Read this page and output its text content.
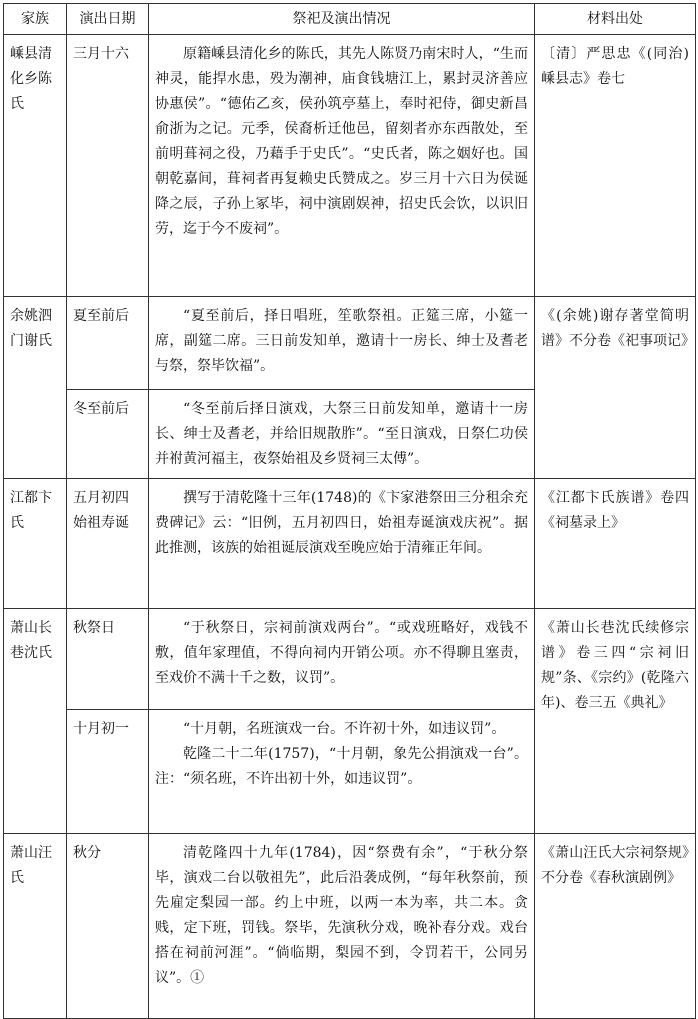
家族	演出日期	祭祀及演出情况	材料出处
嵊县清化乡陈氏	三月十六	原籍嵊县清化乡的陈氏，其先人陈贤乃南宋时人，“生而神灵，能捍水患，殁为潮神，庙食钱塘江上，累封灵济善应协惠侯”。“德佑乙亥，侯孙筑亭墓上，奉时祀侍，御史新昌俞浙为之记。元季，侯裔析迁他邑，留刻者亦东西散处，至前明葺祠之役，乃藉手于史氏”。“史氏者，陈之姻好也。国朝乾嘉间，葺祠者再复赖史氏赞成之。岁三月十六日为侯诞降之辰，子孙上冢毕，祠中演剧娱神，招史氏会饮，以识旧劳，迄于今不废祠”。	〔清〕严思忠《(同治)嵊县志》卷七
余姚泗门谢氏	夏至前后	“夏至前后，择日唱班，笙歌祭祖。正筵三席，小筵一席，副筵二席。三日前发知单，邀请十一房长、绅士及耆老与祭，祭毕饮福”。	《(余姚)谢存著堂简明谱》不分卷《祀事项记》
	冬至前后	“冬至前后择日演戏，大祭三日前发知单，邀请十一房长、绅士及耆老，并给旧规散胙”。“至日演戏，日祭仁功侯并祔黄河福主，夜祭始祖及乡贤祠三太傅”。	

江都卞氏	五月初四始祖寿诞	撰写于清乾隆十三年(1748)的《卞家港祭田三分租余充费碑记》云：“旧例，五月初四日，始祖寿诞演戏庆祝”。据此推测，该族的始祖诞辰演戏至晚应始于清雍正年间。	《江都卞氏族谱》卷四《祠墓录上》
萧山长巷沈氏	秋祭日	“于秋祭日，宗祠前演戏两台”。“或戏班略好，戏钱不敷，值年家理值，不得向祠内开销公项。亦不得聊且塞责，至戏价不满十千之数，议罚”。	《萧山长巷沈氏续修宗谱》卷三四“宗祠旧规”条、《宗约》(乾隆六年)、卷三五《典礼》
	十月初一	“十月朝，名班演戏一台。不许初十外，如违议罚”。

乾隆二十二年(1757)，“十月朝，象先公捐演戏一台”。注：“须名班，不许出初十外，如违议罚”。	

萧山汪氏	秋分	清乾隆四十九年(1784)，因“祭费有余”，“于秋分祭毕，演戏二台以敬祖先”，此后沿袭成例，“每年秋祭前，预先雇定梨园一部。约上中班，以两一本为率，共二本。贪贱，定下班，罚钱。祭毕，先演秋分戏，晚补春分戏。戏台搭在祠前河涯”。“倘临期，梨园不到，令罚若干，公同另议”。①	《萧山汪氏大宗祠祭规》不分卷《春秋演剧例》
